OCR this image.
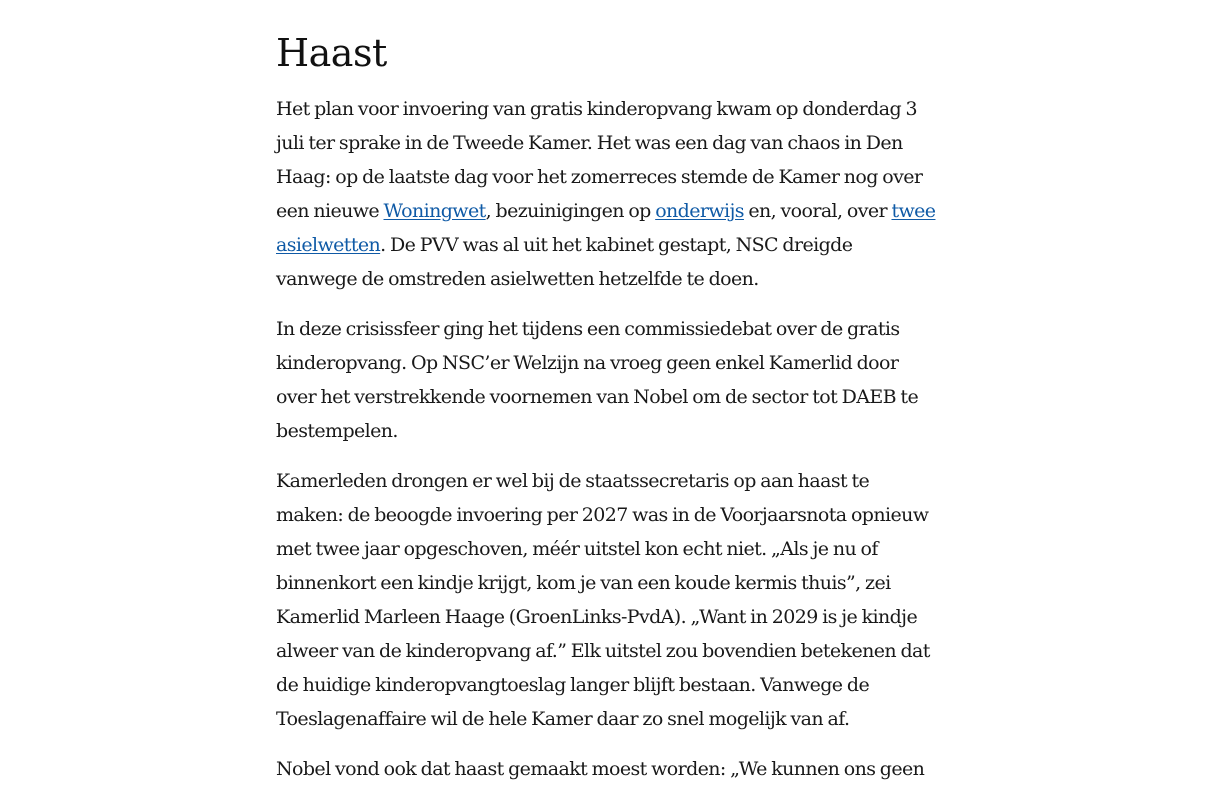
Haast

Het plan voor invoering van gratis kinderopvang kwam op donderdag 3 juli ter sprake in de Tweede Kamer. Het was een dag van chaos in Den Haag: op de laatste dag voor het zomerreces stemde de Kamer nog over een nieuwe Woningwet, bezuinigingen op onderwijs en, vooral, over twee asielwetten. De PVV was al uit het kabinet gestapt, NSC dreigde vanwege de omstreden asielwetten hetzelfde te doen.

In deze crisissfeer ging het tijdens een commissiedebat over de gratis kinderopvang. Op NSC’er Welzijn na vroeg geen enkel Kamerlid door over het verstrekkende voornemen van Nobel om de sector tot DAEB te bestempelen.

Kamerleden drongen er wel bij de staatssecretaris op aan haast te maken: de beoogde invoering per 2027 was in de Voorjaarsnota opnieuw met twee jaar opgeschoven, méér uitstel kon echt niet. „Als je nu of binnenkort een kindje krijgt, kom je van een koude kermis thuis”, zei Kamerlid Marleen Haage (GroenLinks-PvdA). „Want in 2029 is je kindje alweer van de kinderopvang af.” Elk uitstel zou bovendien betekenen dat de huidige kinderopvangtoeslag langer blijft bestaan. Vanwege de Toeslagenaffaire wil de hele Kamer daar zo snel mogelijk van af.

Nobel vond ook dat haast gemaakt moest worden: „We kunnen ons geen
